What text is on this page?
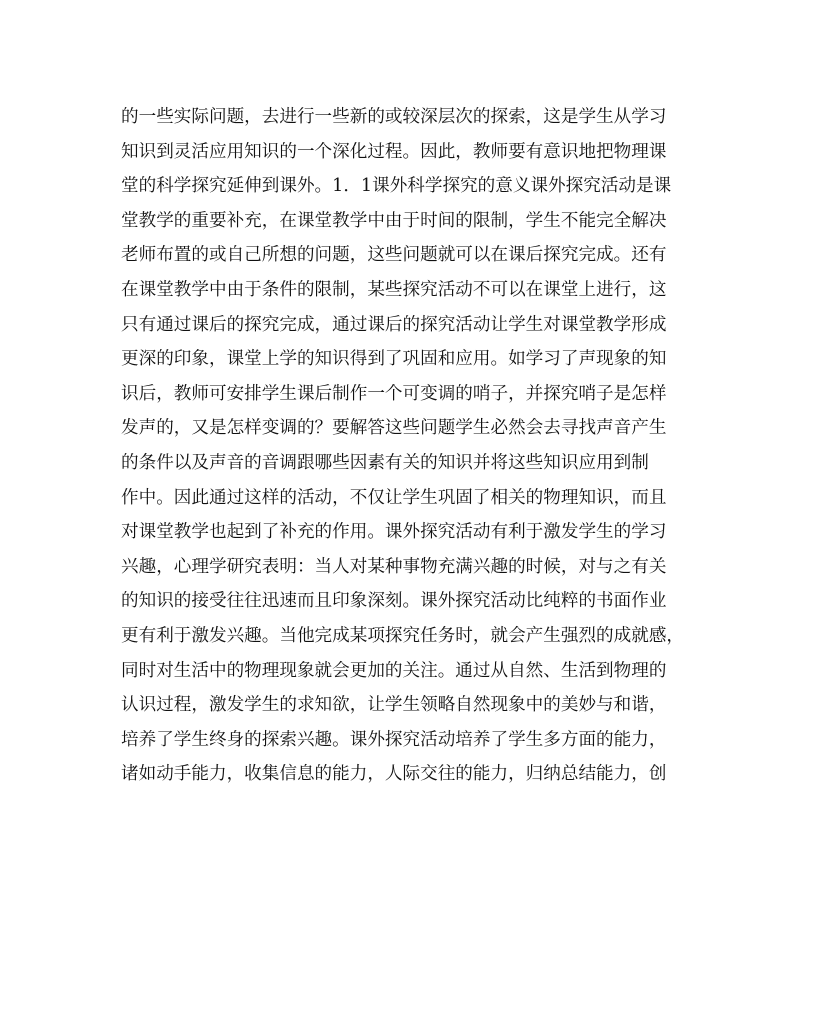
的一些实际问题，去进行一些新的或较深层次的探索，这是学生从学习
知识到灵活应用知识的一个深化过程。因此，教师要有意识地把物理课
堂的科学探究延伸到课外。1．1课外科学探究的意义课外探究活动是课
堂教学的重要补充，在课堂教学中由于时间的限制，学生不能完全解决
老师布置的或自己所想的问题，这些问题就可以在课后探究完成。还有
在课堂教学中由于条件的限制，某些探究活动不可以在课堂上进行，这
只有通过课后的探究完成，通过课后的探究活动让学生对课堂教学形成
更深的印象，课堂上学的知识得到了巩固和应用。如学习了声现象的知
识后，教师可安排学生课后制作一个可变调的哨子，并探究哨子是怎样
发声的，又是怎样变调的？要解答这些问题学生必然会去寻找声音产生
的条件以及声音的音调跟哪些因素有关的知识并将这些知识应用到制
作中。因此通过这样的活动，不仅让学生巩固了相关的物理知识，而且
对课堂教学也起到了补充的作用。课外探究活动有利于激发学生的学习
兴趣，心理学研究表明：当人对某种事物充满兴趣的时候，对与之有关
的知识的接受往往迅速而且印象深刻。课外探究活动比纯粹的书面作业
更有利于激发兴趣。当他完成某项探究任务时，就会产生强烈的成就感，
同时对生活中的物理现象就会更加的关注。通过从自然、生活到物理的
认识过程，激发学生的求知欲，让学生领略自然现象中的美妙与和谐，
培养了学生终身的探索兴趣。课外探究活动培养了学生多方面的能力，
诸如动手能力，收集信息的能力，人际交往的能力，归纳总结能力，创
